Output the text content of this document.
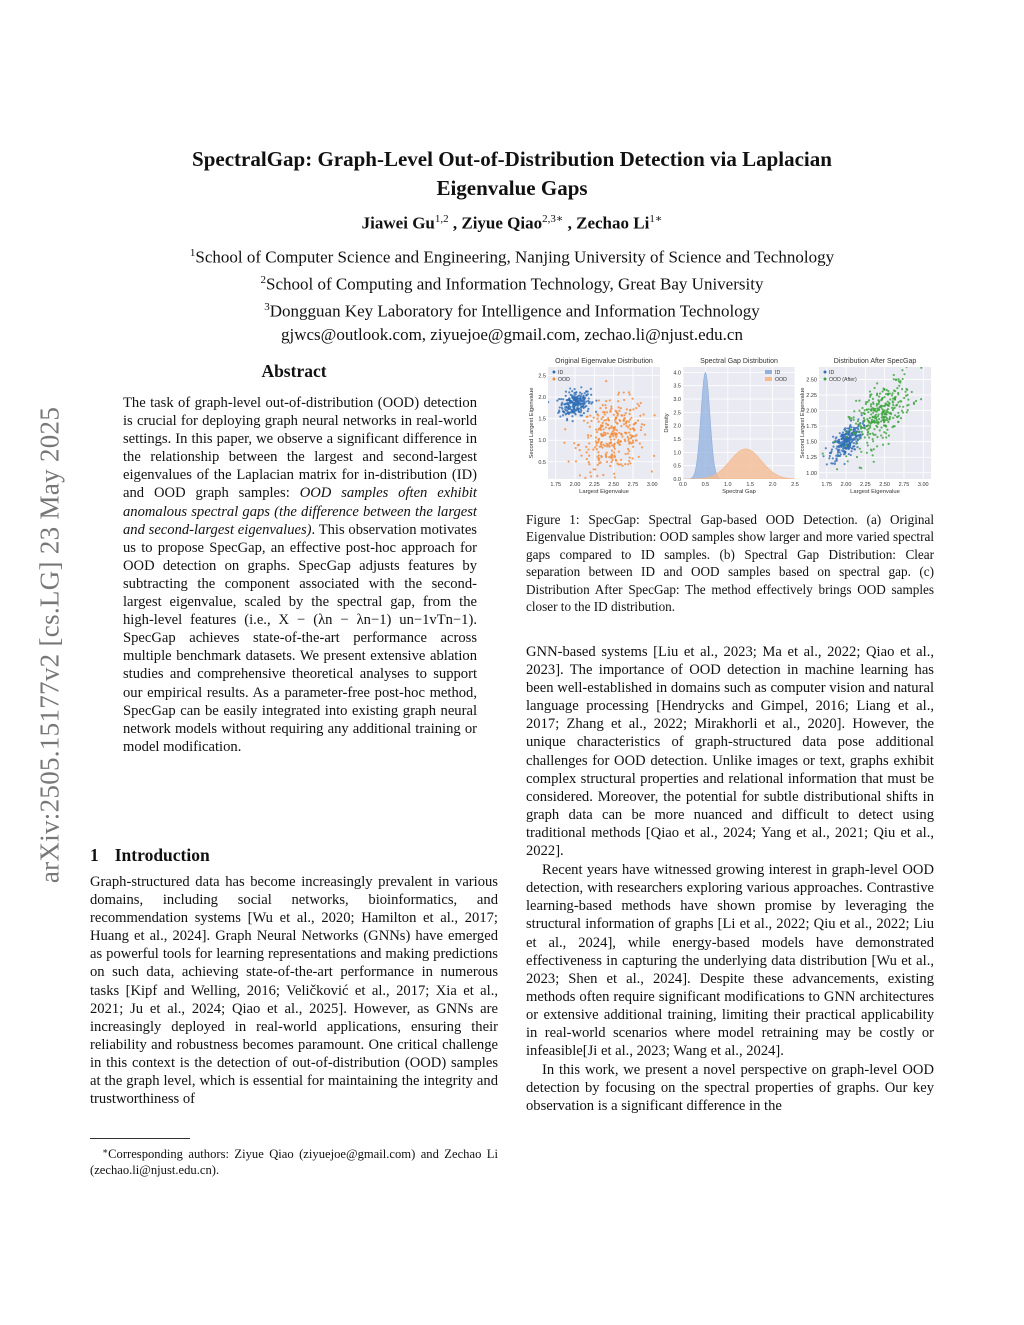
arXiv:2505.15177v2 [cs.LG] 23 May 2025
SpectralGap: Graph-Level Out-of-Distribution Detection via Laplacian
Eigenvalue Gaps
Jiawei Gu$^{1,2}$ , Ziyue Qiao$^{2,3∗}$ , Zechao $Li^{1∗}$
$^1$School of Computer Science and Engineering, Nanjing University of Science and Technology
$^2$School of Computing and Information Technology, Great Bay University
$^3$Dongguan Key Laboratory for Intelligence and Information Technology
gjwcs@outlook.com, ziyuejoe@gmail.com, zechao.li@njust.edu.cn
Abstract

The task of graph-level out-of-distribution (OOD) detection is crucial for deploying graph neural networks in real-world settings. In this paper, we observe a significant difference in the relationship between the largest and second-largest eigenvalues of the Laplacian matrix for in-distribution (ID) and OOD graph samples: OOD samples often exhibit anomalous spectral gaps (the difference between the largest and second-largest eigenvalues). This observation motivates us to propose SpecGap, an effective post-hoc approach for OOD detection on graphs. SpecGap adjusts features by subtracting the component associated with the second-largest eigenvalue, scaled by the spectral gap, from the high-level features (i.e., X − (λn − λn−1) un−1vTn−1). SpecGap achieves state-of-the-art performance across multiple benchmark datasets. We present extensive ablation studies and comprehensive theoretical analyses to support our empirical results. As a parameter-free post-hoc method, SpecGap can be easily integrated into existing graph neural network models without requiring any additional training or model modification.

1 Introduction

Graph-structured data has become increasingly prevalent in various domains, including social networks, bioinformatics, and recommendation systems [Wu et al., 2020; Hamilton et al., 2017; Huang et al., 2024]. Graph Neural Networks (GNNs) have emerged as powerful tools for learning representations and making predictions on such data, achieving state-of-the-art performance in numerous tasks [Kipf and Welling, 2016; Veličković et al., 2017; Xia et al., 2021; Ju et al., 2024; Qiao et al., 2025]. However, as GNNs are increasingly deployed in real-world applications, ensuring their reliability and robustness becomes paramount. One critical challenge in this context is the detection of out-of-distribution (OOD) samples at the graph level, which is essential for maintaining the integrity and trustworthiness of

∗Corresponding authors: Ziyue Qiao (ziyuejoe@gmail.com) and Zechao Li (zechao.li@njust.edu.cn).

1.75 2.00 2.25 2.50 2.75 3.00
0.5
1.0
1.5
2.0
2.5
Original Eigenvalue Distribution
Largest Eigenvalue
Second Largest Eigenvalue
ID
OOD
0.0	0.5	1.0	1.5	2.0	2.5
0.0
0.5
1.0
1.5
2.0
2.5
3.0
3.5
4.0
Spectral Gap Distribution
Spectral Gap
Density
ID
OOD
1.75 2.00 2.25 2.50 2.75 3.00
1.00
1.25
1.50
1.75
2.00
2.25
2.50
Distribution After SpecGap
Largest Eigenvalue
Second Largest Eigenvalue
ID
OOD (After)

Figure 1: SpecGap: Spectral Gap-based OOD Detection. (a) Original Eigenvalue Distribution: OOD samples show larger and more varied spectral gaps compared to ID samples. (b) Spectral Gap Distribution: Clear separation between ID and OOD samples based on spectral gap. (c) Distribution After SpecGap: The method effectively brings OOD samples closer to the ID distribution.

GNN-based systems [Liu et al., 2023; Ma et al., 2022; Qiao et al., 2023]. The importance of OOD detection in machine learning has been well-established in domains such as computer vision and natural language processing [Hendrycks and Gimpel, 2016; Liang et al., 2017; Zhang et al., 2022; Mirakhorli et al., 2020]. However, the unique characteristics of graph-structured data pose additional challenges for OOD detection. Unlike images or text, graphs exhibit complex structural properties and relational information that must be considered. Moreover, the potential for subtle distributional shifts in graph data can be more nuanced and difficult to detect using traditional methods [Qiao et al., 2024; Yang et al., 2021; Qiu et al., 2022].

Recent years have witnessed growing interest in graph-level OOD detection, with researchers exploring various approaches. Contrastive learning-based methods have shown promise by leveraging the structural information of graphs [Li et al., 2022; Qiu et al., 2022; Liu et al., 2024], while energy-based models have demonstrated effectiveness in capturing the underlying data distribution [Wu et al., 2023; Shen et al., 2024]. Despite these advancements, existing methods often require significant modifications to GNN architectures or extensive additional training, limiting their practical applicability in real-world scenarios where model retraining may be costly or infeasible[Ji et al., 2023; Wang et al., 2024].

In this work, we present a novel perspective on graph-level OOD detection by focusing on the spectral properties of graphs. Our key observation is a significant difference in the
